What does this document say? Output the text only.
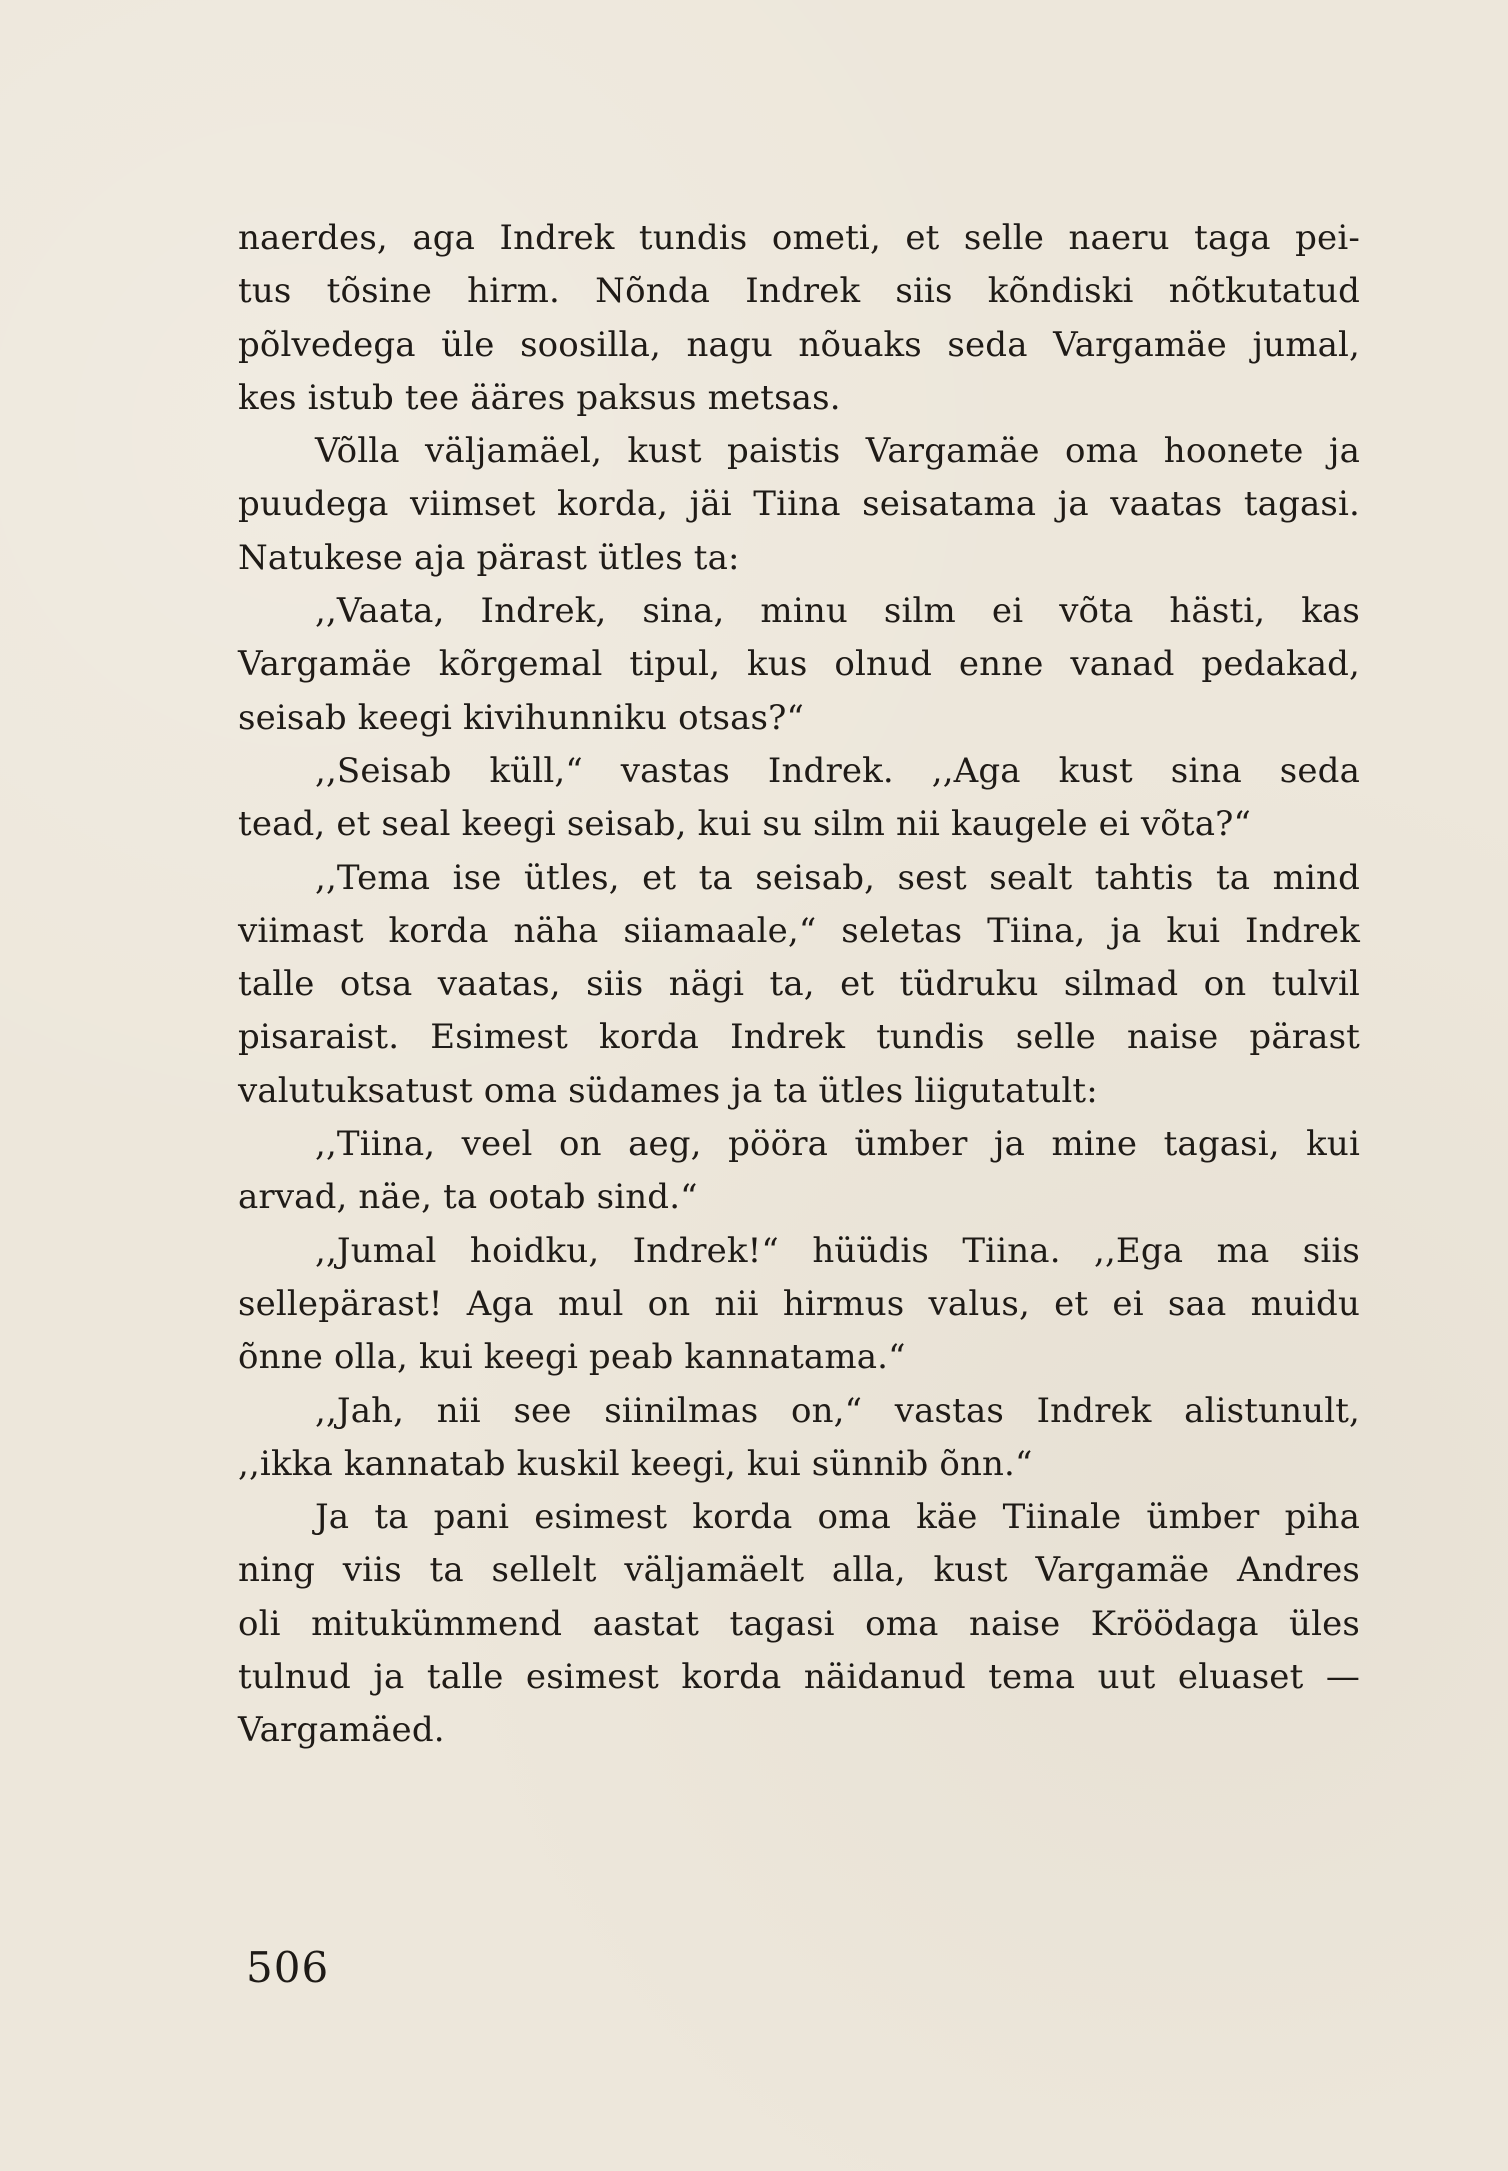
naerdes, aga Indrek tundis ometi, et selle naeru taga pei-
tus tõsine hirm. Nõnda Indrek siis kõndiski nõtkutatud
põlvedega üle soosilla, nagu nõuaks seda Vargamäe jumal,
kes istub tee ääres paksus metsas.
Võlla väljamäel, kust paistis Vargamäe oma hoonete ja
puudega viimset korda, jäi Tiina seisatama ja vaatas tagasi.
Natukese aja pärast ütles ta:
,,Vaata, Indrek, sina, minu silm ei võta hästi, kas
Vargamäe kõrgemal tipul, kus olnud enne vanad pedakad,
seisab keegi kivihunniku otsas?“
,,Seisab küll,“ vastas Indrek. ,,Aga kust sina seda
tead, et seal keegi seisab, kui su silm nii kaugele ei võta?“
,,Tema ise ütles, et ta seisab, sest sealt tahtis ta mind
viimast korda näha siiamaale,“ seletas Tiina, ja kui Indrek
talle otsa vaatas, siis nägi ta, et tüdruku silmad on tulvil
pisaraist. Esimest korda Indrek tundis selle naise pärast
valutuksatust oma südames ja ta ütles liigutatult:
,,Tiina, veel on aeg, pööra ümber ja mine tagasi, kui
arvad, näe, ta ootab sind.“
,,Jumal hoidku, Indrek!“ hüüdis Tiina. ,,Ega ma siis
sellepärast! Aga mul on nii hirmus valus, et ei saa muidu
õnne olla, kui keegi peab kannatama.“
,,Jah, nii see siinilmas on,“ vastas Indrek alistunult,
,,ikka kannatab kuskil keegi, kui sünnib õnn.“
Ja ta pani esimest korda oma käe Tiinale ümber piha
ning viis ta sellelt väljamäelt alla, kust Vargamäe Andres
oli mitukümmend aastat tagasi oma naise Kröödaga üles
tulnud ja talle esimest korda näidanud tema uut eluaset —
Vargamäed.
506
